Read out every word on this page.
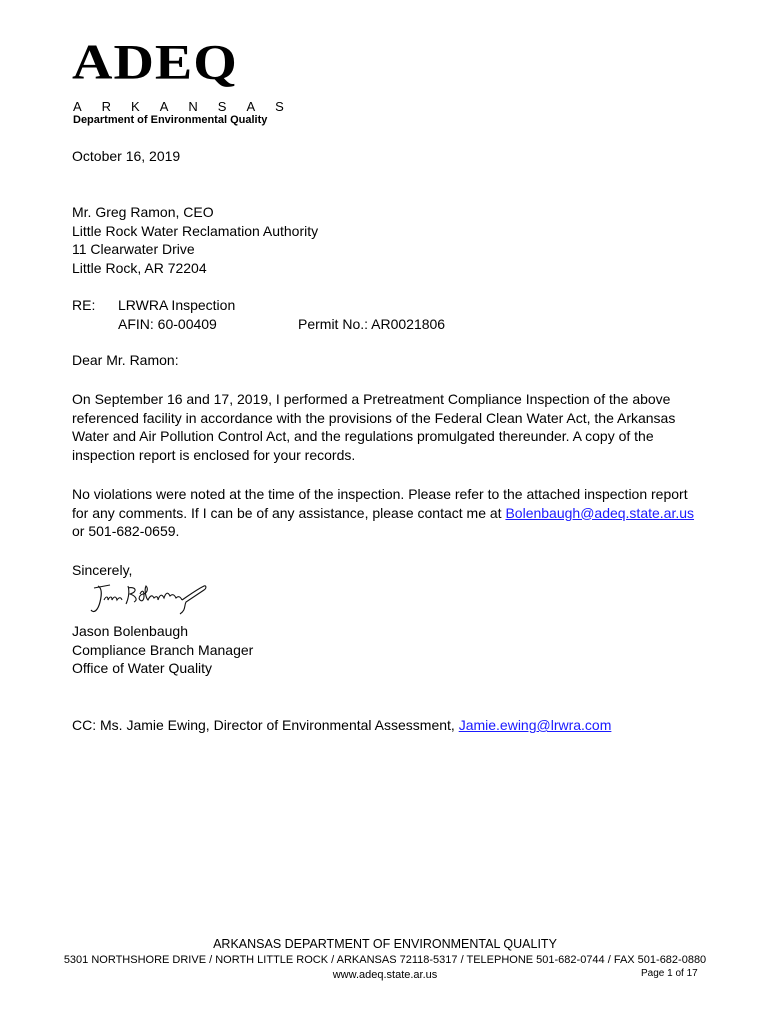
ADEQ
ARKANSAS
Department of Environmental Quality
October 16, 2019
Mr. Greg Ramon, CEO
Little Rock Water Reclamation Authority
11 Clearwater Drive
Little Rock, AR 72204
RE: LRWRA Inspection
AFIN: 60-00409	Permit No.: AR0021806
Dear Mr. Ramon:
On September 16 and 17, 2019, I performed a Pretreatment Compliance Inspection of the above
referenced facility in accordance with the provisions of the Federal Clean Water Act, the Arkansas
Water and Air Pollution Control Act, and the regulations promulgated thereunder. A copy of the
inspection report is enclosed for your records.
No violations were noted at the time of the inspection. Please refer to the attached inspection report
for any comments. If I can be of any assistance, please contact me at Bolenbaugh@adeq.state.ar.us
or 501-682-0659.
Sincerely,
Jason Bolenbaugh
Compliance Branch Manager
Office of Water Quality
CC: Ms. Jamie Ewing, Director of Environmental Assessment, Jamie.ewing@lrwra.com
ARKANSAS DEPARTMENT OF ENVIRONMENTAL QUALITY
5301 NORTHSHORE DRIVE / NORTH LITTLE ROCK / ARKANSAS 72118-5317 / TELEPHONE 501-682-0744 / FAX 501-682-0880
www.adeq.state.ar.us	Page 1 of 17
